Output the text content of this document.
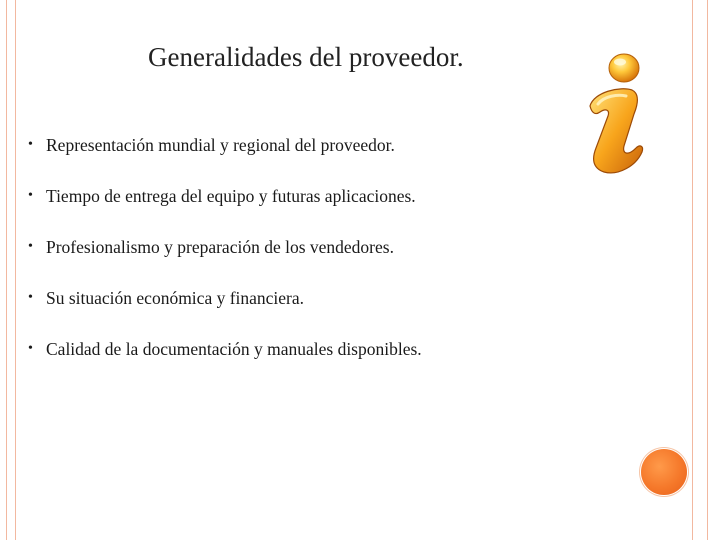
Generalidades del proveedor.
• Representación mundial y regional del proveedor.
• Tiempo de entrega del equipo y futuras aplicaciones.
• Profesionalismo y preparación de los vendedores.
• Su situación económica y financiera.
• Calidad de la documentación y manuales disponibles.
